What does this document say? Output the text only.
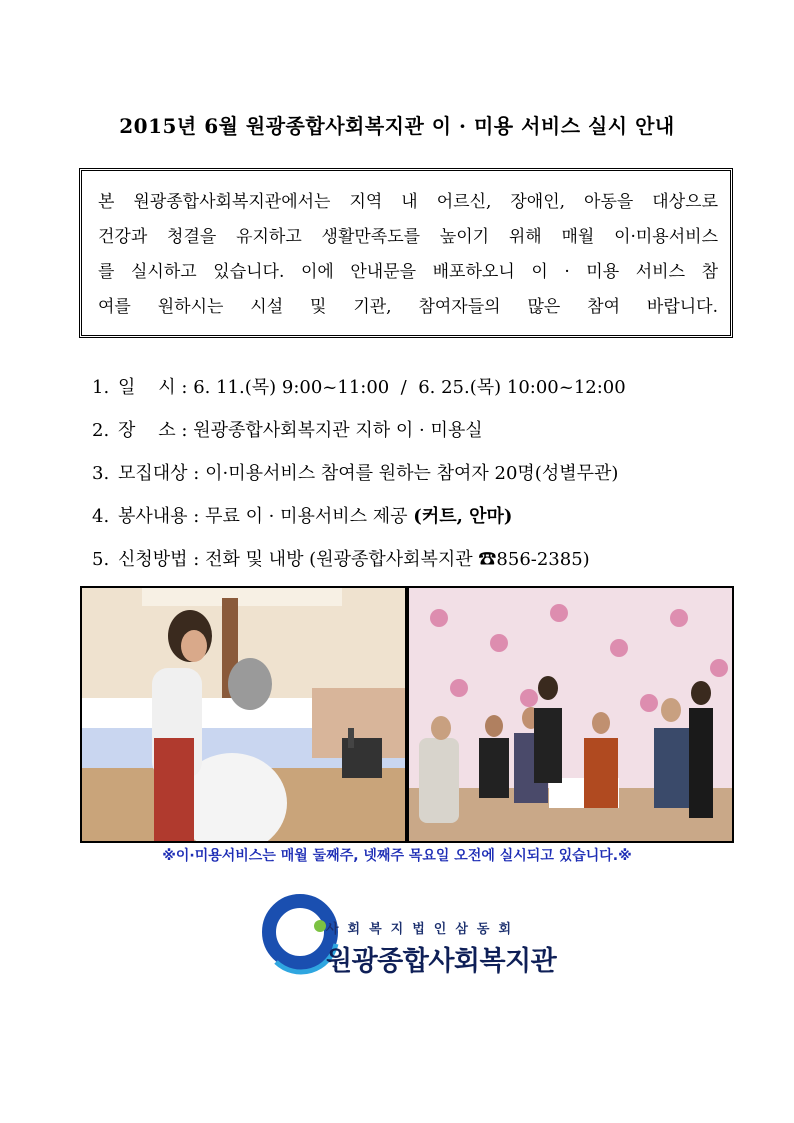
2015년 6월 원광종합사회복지관 이 · 미용 서비스 실시 안내
본 원광종합사회복지관에서는 지역 내 어르신, 장애인, 아동을 대상으로
건강과 청결을 유지하고 생활만족도를 높이기 위해 매월 이·미용서비스
를 실시하고 있습니다. 이에 안내문을 배포하오니 이 · 미용 서비스 참
여를 원하시는 시설 및 기관, 참여자들의 많은 참여 바랍니다.
1. 일    시 : 6. 11.(목) 9:00~11:00  /  6. 25.(목) 10:00~12:00
2. 장    소 : 원광종합사회복지관 지하 이 · 미용실
3. 모집대상 : 이·미용서비스 참여를 원하는 참여자 20명(성별무관)
4. 봉사내용 : 무료 이 · 미용서비스 제공 (커트, 안마)
5. 신청방법 : 전화 및 내방 (원광종합사회복지관 ☎856-2385)
※이·미용서비스는 매월 둘째주, 넷째주 목요일 오전에 실시되고 있습니다.※
사회복지법인삼동회
원광종합사회복지관
